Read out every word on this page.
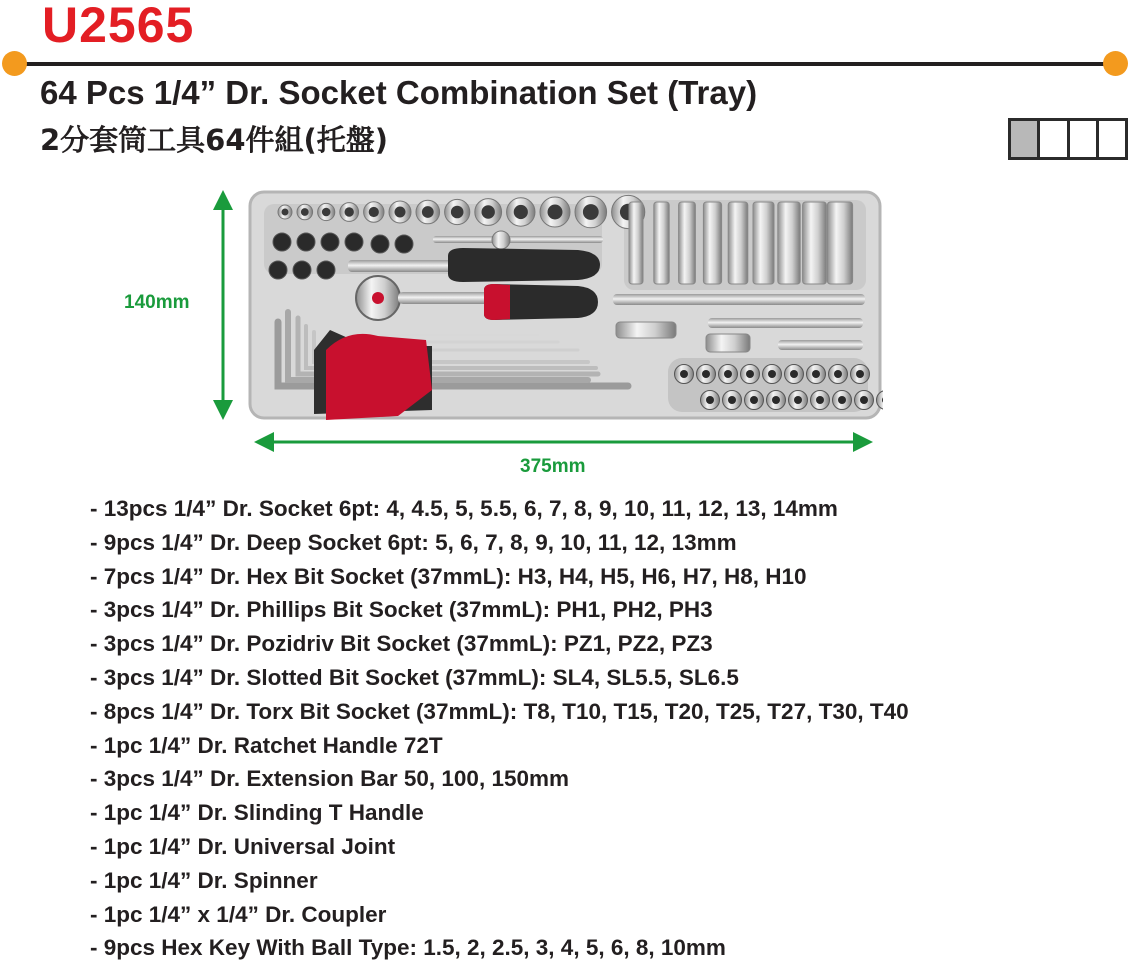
U2565
64 Pcs 1/4” Dr. Socket Combination Set (Tray)
2分套筒工具64件組(托盤)
140mm
375mm
- 13pcs 1/4” Dr. Socket 6pt: 4, 4.5, 5, 5.5, 6, 7, 8, 9, 10, 11, 12, 13, 14mm
- 9pcs 1/4” Dr. Deep Socket 6pt: 5, 6, 7, 8, 9, 10, 11, 12, 13mm
- 7pcs 1/4” Dr. Hex Bit Socket (37mmL): H3, H4, H5, H6, H7, H8, H10
- 3pcs 1/4” Dr. Phillips Bit Socket (37mmL): PH1, PH2, PH3
- 3pcs 1/4” Dr. Pozidriv Bit Socket (37mmL): PZ1, PZ2, PZ3
- 3pcs 1/4” Dr. Slotted Bit Socket (37mmL): SL4, SL5.5, SL6.5
- 8pcs 1/4” Dr. Torx Bit Socket (37mmL): T8, T10, T15, T20, T25, T27, T30, T40
- 1pc 1/4” Dr. Ratchet Handle 72T
- 3pcs 1/4” Dr. Extension Bar 50, 100, 150mm
- 1pc 1/4” Dr. Slinding T Handle
- 1pc 1/4” Dr. Universal Joint
- 1pc 1/4” Dr. Spinner
- 1pc 1/4” x 1/4” Dr. Coupler
- 9pcs Hex Key With Ball Type: 1.5, 2, 2.5, 3, 4, 5, 6, 8, 10mm
